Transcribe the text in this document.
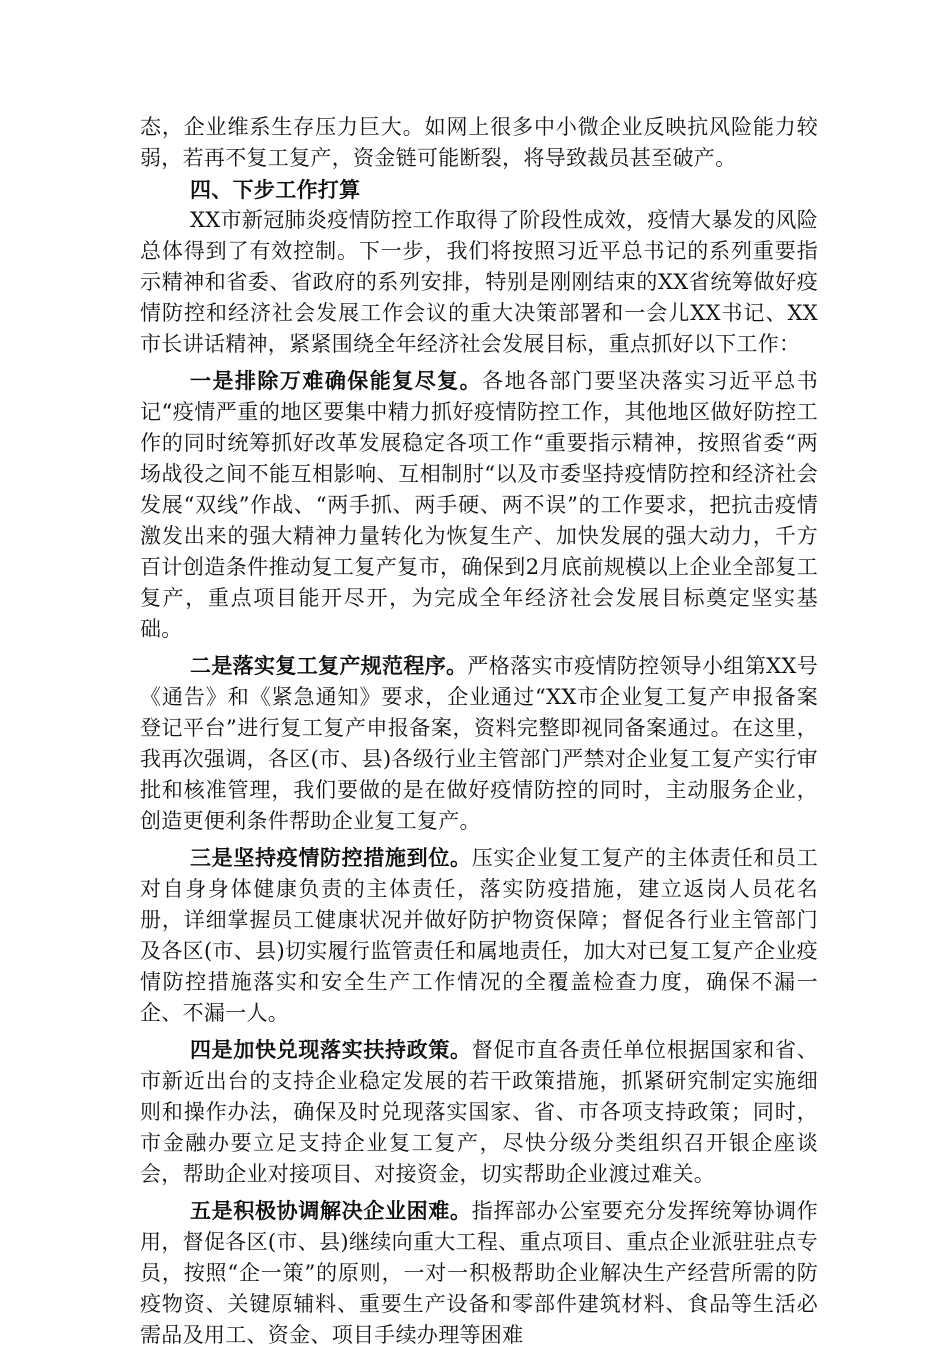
态，企业维系生存压力巨大。如网上很多中小微企业反映抗风险能力较弱，若再不复工复产，资金链可能断裂，将导致裁员甚至破产。

四、下步工作打算

XX市新冠肺炎疫情防控工作取得了阶段性成效，疫情大暴发的风险总体得到了有效控制。下一步，我们将按照习近平总书记的系列重要指示精神和省委、省政府的系列安排，特别是刚刚结束的XX省统筹做好疫情防控和经济社会发展工作会议的重大决策部署和一会儿XX书记、XX市长讲话精神，紧紧围绕全年经济社会发展目标，重点抓好以下工作：

一是排除万难确保能复尽复。各地各部门要坚决落实习近平总书记“疫情严重的地区要集中精力抓好疫情防控工作，其他地区做好防控工作的同时统筹抓好改革发展稳定各项工作“重要指示精神，按照省委“两场战役之间不能互相影响、互相制肘“以及市委坚持疫情防控和经济社会发展“双线”作战、“两手抓、两手硬、两不误”的工作要求，把抗击疫情激发出来的强大精神力量转化为恢复生产、加快发展的强大动力，千方百计创造条件推动复工复产复市，确保到2月底前规模以上企业全部复工复产，重点项目能开尽开，为完成全年经济社会发展目标奠定坚实基础。

二是落实复工复产规范程序。严格落实市疫情防控领导小组第XX号《通告》和《紧急通知》要求，企业通过“XX市企业复工复产申报备案登记平台”进行复工复产申报备案，资料完整即视同备案通过。在这里，我再次强调，各区(市、县)各级行业主管部门严禁对企业复工复产实行审批和核准管理，我们要做的是在做好疫情防控的同时，主动服务企业，创造更便利条件帮助企业复工复产。

三是坚持疫情防控措施到位。压实企业复工复产的主体责任和员工对自身身体健康负责的主体责任，落实防疫措施，建立返岗人员花名册，详细掌握员工健康状况并做好防护物资保障；督促各行业主管部门及各区(市、县)切实履行监管责任和属地责任，加大对已复工复产企业疫情防控措施落实和安全生产工作情况的全覆盖检查力度，确保不漏一企、不漏一人。

四是加快兑现落实扶持政策。督促市直各责任单位根据国家和省、市新近出台的支持企业稳定发展的若干政策措施，抓紧研究制定实施细则和操作办法，确保及时兑现落实国家、省、市各项支持政策；同时，市金融办要立足支持企业复工复产，尽快分级分类组织召开银企座谈会，帮助企业对接项目、对接资金，切实帮助企业渡过难关。

五是积极协调解决企业困难。指挥部办公室要充分发挥统筹协调作用，督促各区(市、县)继续向重大工程、重点项目、重点企业派驻驻点专员，按照“企一策”的原则，一对一积极帮助企业解决生产经营所需的防疫物资、关键原辅料、重要生产设备和零部件建筑材料、食品等生活必需品及用工、资金、项目手续办理等困难
